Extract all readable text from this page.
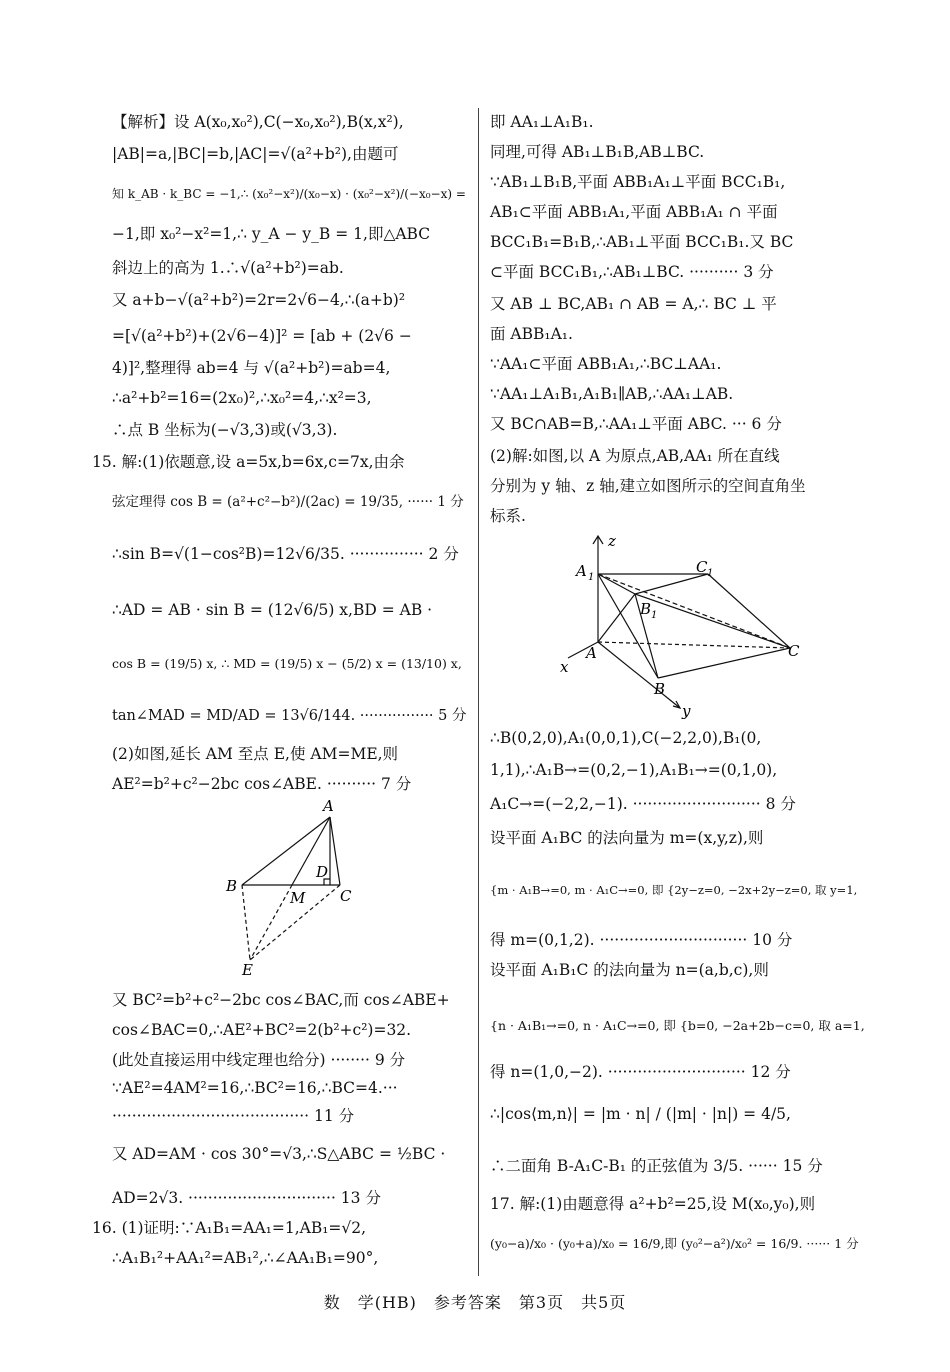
【解析】设 A(x₀,x₀²),C(−x₀,x₀²),B(x,x²),
|AB|=a,|BC|=b,|AC|=√(a²+b²),由题可
知 k_AB · k_BC = −1,∴ (x₀²−x²)/(x₀−x) · (x₀²−x²)/(−x₀−x) =
−1,即 x₀²−x²=1,∴ y_A − y_B = 1,即△ABC
斜边上的高为 1.∴√(a²+b²)=ab.
又 a+b−√(a²+b²)=2r=2√6−4,∴(a+b)²
=[√(a²+b²)+(2√6−4)]² = [ab + (2√6 −
4)]²,整理得 ab=4 与 √(a²+b²)=ab=4,
∴a²+b²=16=(2x₀)²,∴x₀²=4,∴x²=3,
∴点 B 坐标为(−√3,3)或(√3,3).
15. 解:(1)依题意,设 a=5x,b=6x,c=7x,由余
弦定理得 cos B = (a²+c²−b²)/(2ac) = 19/35, ······ 1 分
∴sin B=√(1−cos²B)=12√6/35. ··············· 2 分
∴AD = AB · sin B = (12√6/5) x,BD = AB ·
cos B = (19/5) x, ∴ MD = (19/5) x − (5/2) x = (13/10) x,
tan∠MAD = MD/AD = 13√6/144. ················ 5 分
(2)如图,延长 AM 至点 E,使 AM=ME,则
AE²=b²+c²−2bc cos∠ABE. ·········· 7 分
又 BC²=b²+c²−2bc cos∠BAC,而 cos∠ABE+
cos∠BAC=0,∴AE²+BC²=2(b²+c²)=32.
(此处直接运用中线定理也给分) ········ 9 分
∵AE²=4AM²=16,∴BC²=16,∴BC=4.···
········································ 11 分
又 AD=AM · cos 30°=√3,∴S△ABC = ½BC ·
AD=2√3. ······························ 13 分
16. (1)证明:∵A₁B₁=AA₁=1,AB₁=√2,
∴A₁B₁²+AA₁²=AB₁²,∴∠AA₁B₁=90°,
即 AA₁⊥A₁B₁.
同理,可得 AB₁⊥B₁B,AB⊥BC.
∵AB₁⊥B₁B,平面 ABB₁A₁⊥平面 BCC₁B₁,
AB₁⊂平面 ABB₁A₁,平面 ABB₁A₁ ∩ 平面
BCC₁B₁=B₁B,∴AB₁⊥平面 BCC₁B₁.又 BC
⊂平面 BCC₁B₁,∴AB₁⊥BC. ·········· 3 分
又 AB ⊥ BC,AB₁ ∩ AB = A,∴ BC ⊥ 平
面 ABB₁A₁.
∵AA₁⊂平面 ABB₁A₁,∴BC⊥AA₁.
∵AA₁⊥A₁B₁,A₁B₁∥AB,∴AA₁⊥AB.
又 BC∩AB=B,∴AA₁⊥平面 ABC. ··· 6 分
(2)解:如图,以 A 为原点,AB,AA₁ 所在直线
分别为 y 轴、z 轴,建立如图所示的空间直角坐
标系.
∴B(0,2,0),A₁(0,0,1),C(−2,2,0),B₁(0,
1,1),∴A₁B→=(0,2,−1),A₁B₁→=(0,1,0),
A₁C→=(−2,2,−1). ·························· 8 分
设平面 A₁BC 的法向量为 m=(x,y,z),则
{m · A₁B→=0, m · A₁C→=0, 即 {2y−z=0, −2x+2y−z=0, 取 y=1,
得 m=(0,1,2). ······························ 10 分
设平面 A₁B₁C 的法向量为 n=(a,b,c),则
{n · A₁B₁→=0, n · A₁C→=0, 即 {b=0, −2a+2b−c=0, 取 a=1,
得 n=(1,0,−2). ···························· 12 分
∴|cos⟨m,n⟩| = |m · n| / (|m| · |n|) = 4/5,
∴二面角 B-A₁C-B₁ 的正弦值为 3/5. ······ 15 分
17. 解:(1)由题意得 a²+b²=25,设 M(x₀,y₀),则
(y₀−a)/x₀ · (y₀+a)/x₀ = 16/9,即 (y₀²−a²)/x₀² = 16/9. ······ 1 分
A
B
C
D
M
E
z
A 1
C 1
B 1
A	C
B
x
y
数　学(HB)　参考答案　第3页　共5页
